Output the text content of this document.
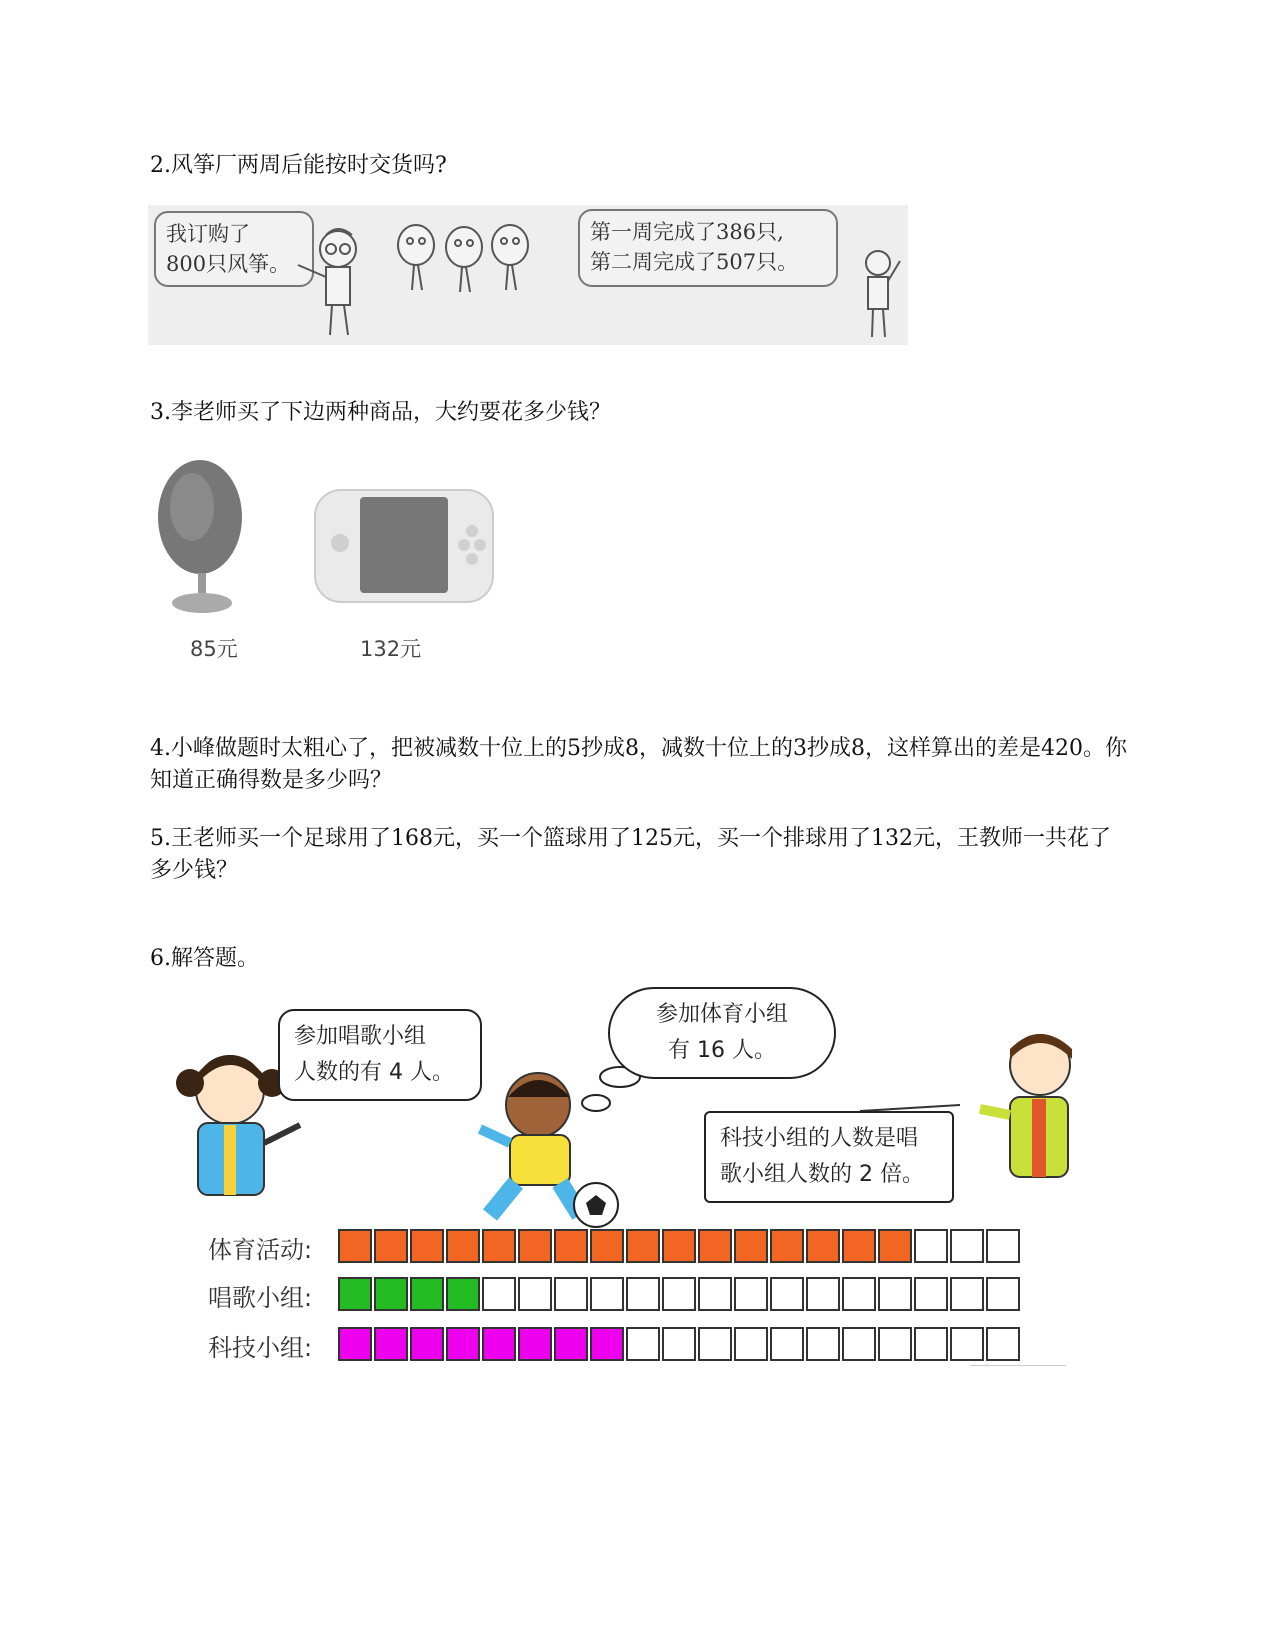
2.风筝厂两周后能按时交货吗?
我订购了
800只风筝。
第一周完成了386只,
第二周完成了507只。
3.李老师买了下边两种商品，大约要花多少钱？
85元	132元
4.小峰做题时太粗心了，把被减数十位上的5抄成8，减数十位上的3抄成8，这样算出的差是420。你知道正确得数是多少吗？
5.王老师买一个足球用了168元，买一个篮球用了125元，买一个排球用了132元，王教师一共花了多少钱？
6.解答题。
参加唱歌小组
人数的有 4 人。
参加体育小组
有 16 人。
科技小组的人数是唱
歌小组人数的 2 倍。
体育活动:
唱歌小组:
科技小组:
